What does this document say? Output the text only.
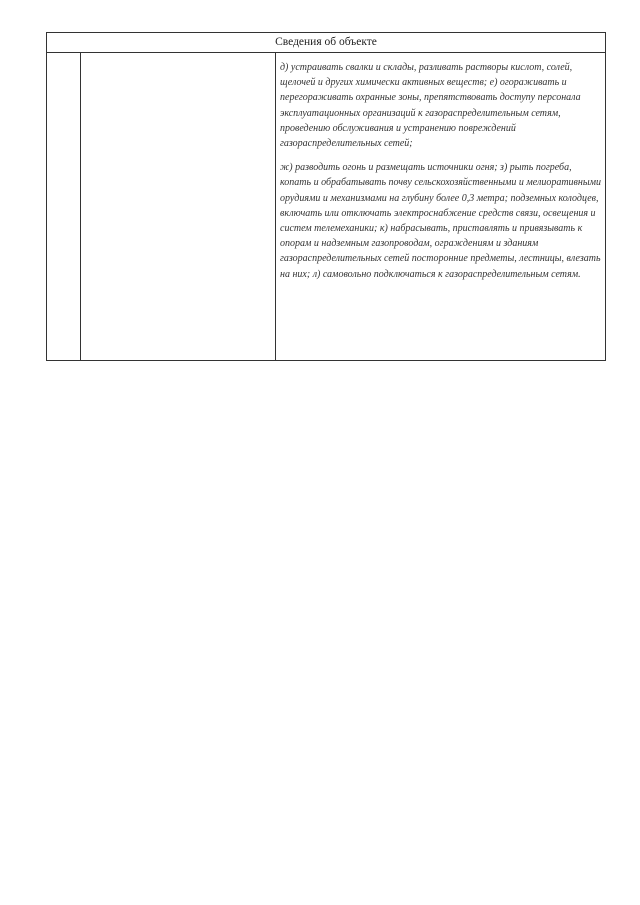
Сведения об объекте

д) устраивать свалки и склады, разливать растворы кислот, солей, щелочей и других химически активных веществ; е) огораживать и перегораживать охранные зоны, препятствовать доступу персонала эксплуатационных организаций к газораспределительным сетям, проведению обслуживания и устранению повреждений газораспределительных сетей;

ж) разводить огонь и размещать источники огня; з) рыть погреба, копать и обрабатывать почву сельскохозяйственными и мелиоративными орудиями и механизмами на глубину более 0,3 метра; подземных колодцев, включать или отключать электроснабжение средств связи, освещения и систем телемеханики; к) набрасывать, приставлять и привязывать к опорам и надземным газопроводам, ограждениям и зданиям газораспределительных сетей посторонние предметы, лестницы, влезать на них; л) самовольно подключаться к газораспределительным сетям.
